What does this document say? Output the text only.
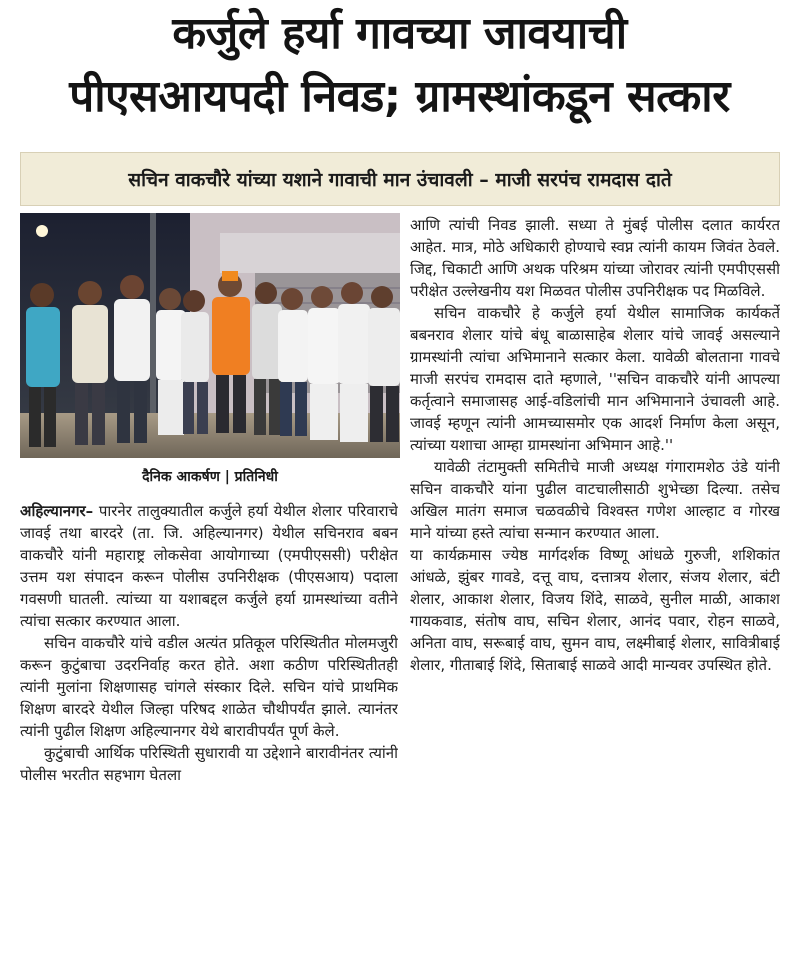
कर्जुले हर्या गावच्या जावयाची
पीएसआयपदी निवड; ग्रामस्थांकडून सत्कार
सचिन वाकचौरे यांच्या यशाने गावाची मान उंचावली – माजी सरपंच रामदास दाते
दैनिक आकर्षण | प्रतिनिधी

अहिल्यानगर– पारनेर तालुक्यातील कर्जुले हर्या येथील शेलार परिवाराचे जावई तथा बारदरे (ता. जि. अहिल्यानगर) येथील सचिनराव बबन वाकचौरे यांनी महाराष्ट्र लोकसेवा आयोगाच्या (एमपीएससी) परीक्षेत उत्तम यश संपादन करून पोलीस उपनिरीक्षक (पीएसआय) पदाला गवसणी घातली. त्यांच्या या यशाबद्दल कर्जुले हर्या ग्रामस्थांच्या वतीने त्यांचा सत्कार करण्यात आला.

सचिन वाकचौरे यांचे वडील अत्यंत प्रतिकूल परिस्थितीत मोलमजुरी करून कुटुंबाचा उदरनिर्वाह करत होते. अशा कठीण परिस्थितीतही त्यांनी मुलांना शिक्षणासह चांगले संस्कार दिले. सचिन यांचे प्राथमिक शिक्षण बारदरे येथील जिल्हा परिषद शाळेत चौथीपर्यंत झाले. त्यानंतर त्यांनी पुढील शिक्षण अहिल्यानगर येथे बारावीपर्यंत पूर्ण केले.

कुटुंबाची आर्थिक परिस्थिती सुधारावी या उद्देशाने बारावीनंतर त्यांनी पोलीस भरतीत सहभाग घेतला

आणि त्यांची निवड झाली. सध्या ते मुंबई पोलीस दलात कार्यरत आहेत. मात्र, मोठे अधिकारी होण्याचे स्वप्न त्यांनी कायम जिवंत ठेवले. जिद्द, चिकाटी आणि अथक परिश्रम यांच्या जोरावर त्यांनी एमपीएससी परीक्षेत उल्लेखनीय यश मिळवत पोलीस उपनिरीक्षक पद मिळविले.

सचिन वाकचौरे हे कर्जुले हर्या येथील सामाजिक कार्यकर्ते बबनराव शेलार यांचे बंधू बाळासाहेब शेलार यांचे जावई असल्याने ग्रामस्थांनी त्यांचा अभिमानाने सत्कार केला. यावेळी बोलताना गावचे माजी सरपंच रामदास दाते म्हणाले, ''सचिन वाकचौरे यांनी आपल्या कर्तृत्वाने समाजासह आई-वडिलांची मान अभिमानाने उंचावली आहे. जावई म्हणून त्यांनी आमच्यासमोर एक आदर्श निर्माण केला असून, त्यांच्या यशाचा आम्हा ग्रामस्थांना अभिमान आहे.''

यावेळी तंटामुक्ती समितीचे माजी अध्यक्ष गंगारामशेठ उंडे यांनी सचिन वाकचौरे यांना पुढील वाटचालीसाठी शुभेच्छा दिल्या. तसेच अखिल मातंग समाज चळवळीचे विश्वस्त गणेश आल्हाट व गोरख माने यांच्या हस्ते त्यांचा सन्मान करण्यात आला.

या कार्यक्रमास ज्येष्ठ मार्गदर्शक विष्णू आंधळे गुरुजी, शशिकांत आंधळे, झुंबर गावडे, दत्तू वाघ, दत्तात्रय शेलार, संजय शेलार, बंटी शेलार, आकाश शेलार, विजय शिंदे, साळवे, सुनील माळी, आकाश गायकवाड, संतोष वाघ, सचिन शेलार, आनंद पवार, रोहन साळवे, अनिता वाघ, सरूबाई वाघ, सुमन वाघ, लक्ष्मीबाई शेलार, सावित्रीबाई शेलार, गीताबाई शिंदे, सिताबाई साळवे आदी मान्यवर उपस्थित होते.
